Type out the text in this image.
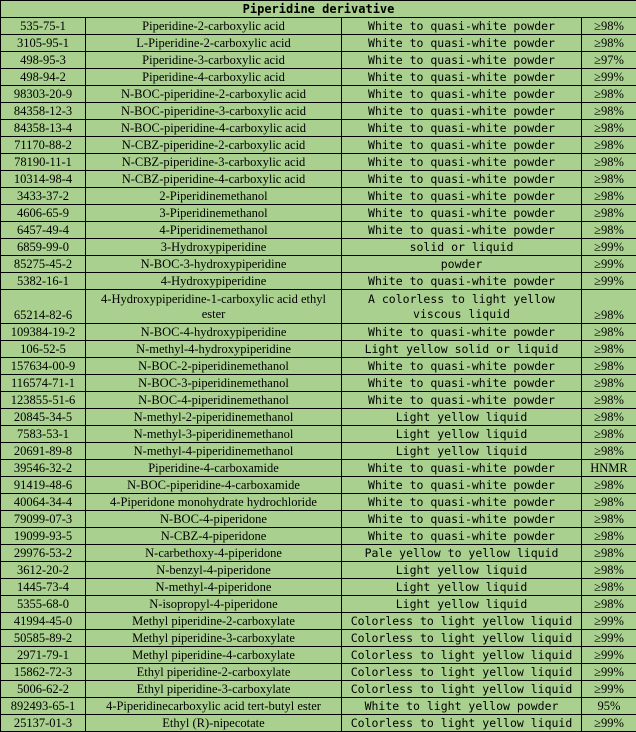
Piperidine derivative			
535-75-1	Piperidine-2-carboxylic acid	White to quasi-white powder	≥98%
3105-95-1	L-Piperidine-2-carboxylic acid	White to quasi-white powder	≥98%
498-95-3	Piperidine-3-carboxylic acid	White to quasi-white powder	≥97%
498-94-2	Piperidine-4-carboxylic acid	White to quasi-white powder	≥99%
98303-20-9	N-BOC-piperidine-2-carboxylic acid	White to quasi-white powder	≥98%
84358-12-3	N-BOC-piperidine-3-carboxylic acid	White to quasi-white powder	≥98%
84358-13-4	N-BOC-piperidine-4-carboxylic acid	White to quasi-white powder	≥98%
71170-88-2	N-CBZ-piperidine-2-carboxylic acid	White to quasi-white powder	≥98%
78190-11-1	N-CBZ-piperidine-3-carboxylic acid	White to quasi-white powder	≥98%
10314-98-4	N-CBZ-piperidine-4-carboxylic acid	White to quasi-white powder	≥98%
3433-37-2	2-Piperidinemethanol	White to quasi-white powder	≥98%
4606-65-9	3-Piperidinemethanol	White to quasi-white powder	≥98%
6457-49-4	4-Piperidinemethanol	White to quasi-white powder	≥98%
6859-99-0	3-Hydroxypiperidine	solid or liquid	≥99%
85275-45-2	N-BOC-3-hydroxypiperidine	powder	≥99%
5382-16-1	4-Hydroxypiperidine	White to quasi-white powder	≥99%
65214-82-6	4-Hydroxypiperidine-1-carboxylic acid ethyl ester	A colorless to light yellow viscous liquid	≥98%
109384-19-2	N-BOC-4-hydroxypiperidine	White to quasi-white powder	≥98%
106-52-5	N-methyl-4-hydroxypiperidine	Light yellow solid or liquid	≥98%
157634-00-9	N-BOC-2-piperidinemethanol	White to quasi-white powder	≥98%
116574-71-1	N-BOC-3-piperidinemethanol	White to quasi-white powder	≥98%
123855-51-6	N-BOC-4-piperidinemethanol	White to quasi-white powder	≥98%
20845-34-5	N-methyl-2-piperidinemethanol	Light yellow liquid	≥98%
7583-53-1	N-methyl-3-piperidinemethanol	Light yellow liquid	≥98%
20691-89-8	N-methyl-4-piperidinemethanol	Light yellow liquid	≥98%
39546-32-2	Piperidine-4-carboxamide	White to quasi-white powder	HNMR
91419-48-6	N-BOC-piperidine-4-carboxamide	White to quasi-white powder	≥98%
40064-34-4	4-Piperidone monohydrate hydrochloride	White to quasi-white powder	≥98%
79099-07-3	N-BOC-4-piperidone	White to quasi-white powder	≥98%
19099-93-5	N-CBZ-4-piperidone	White to quasi-white powder	≥98%
29976-53-2	N-carbethoxy-4-piperidone	Pale yellow to yellow liquid	≥98%
3612-20-2	N-benzyl-4-piperidone	Light yellow liquid	≥98%
1445-73-4	N-methyl-4-piperidone	Light yellow liquid	≥98%
5355-68-0	N-isopropyl-4-piperidone	Light yellow liquid	≥98%
41994-45-0	Methyl piperidine-2-carboxylate	Colorless to light yellow liquid	≥99%
50585-89-2	Methyl piperidine-3-carboxylate	Colorless to light yellow liquid	≥99%
2971-79-1	Methyl piperidine-4-carboxylate	Colorless to light yellow liquid	≥99%
15862-72-3	Ethyl piperidine-2-carboxylate	Colorless to light yellow liquid	≥99%
5006-62-2	Ethyl piperidine-3-carboxylate	Colorless to light yellow liquid	≥99%
892493-65-1	4-Piperidinecarboxylic acid tert-butyl ester	White to light yellow powder	95%
25137-01-3	Ethyl (R)-nipecotate	Colorless to light yellow liquid	≥99%
